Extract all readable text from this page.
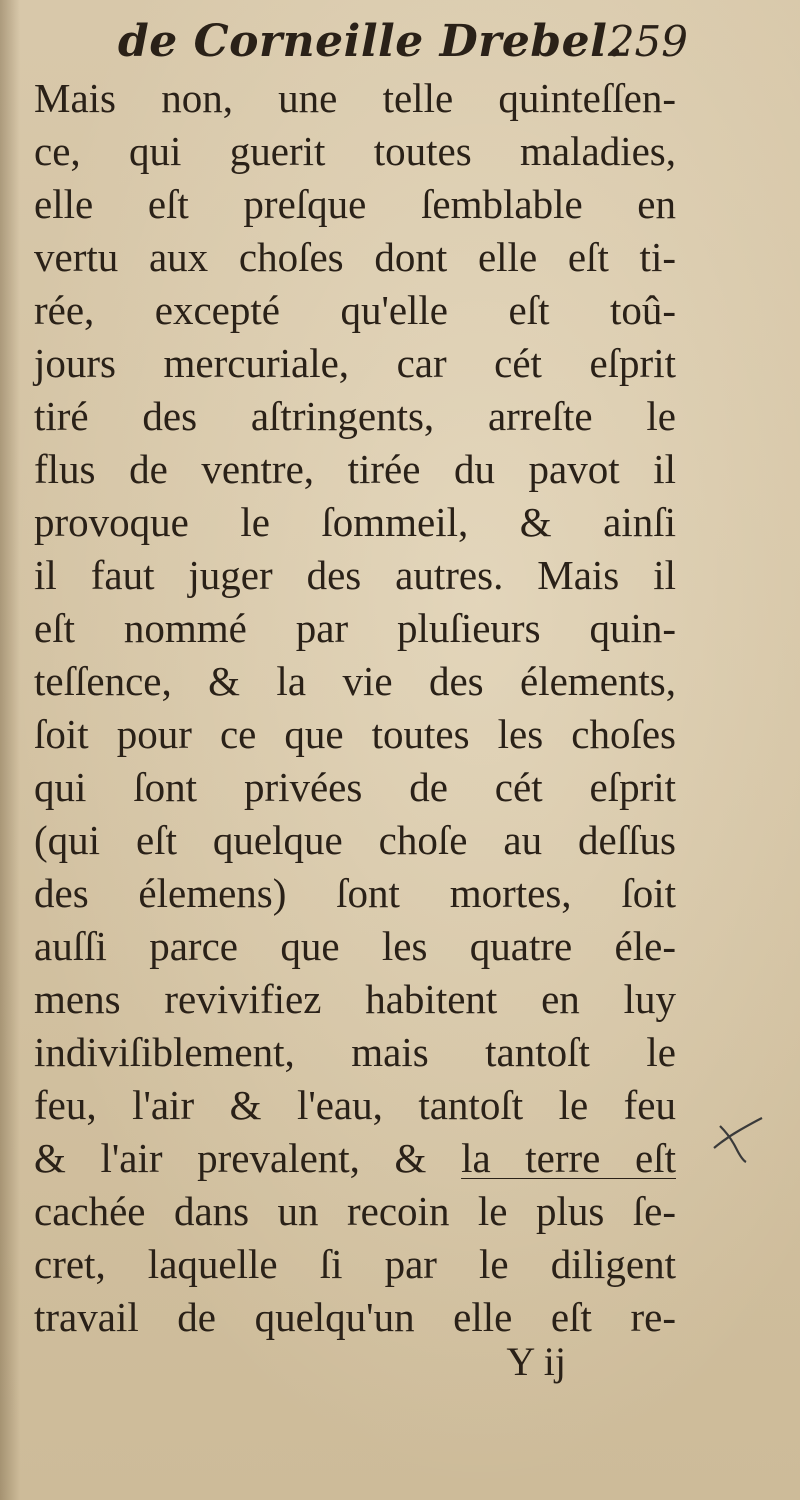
de Corneille Drebel.
259
Mais non, une telle quinteſſen-
ce, qui guerit toutes maladies,
elle eſt preſque ſemblable en
vertu aux choſes dont elle eſt ti-
rée, excepté qu'elle eſt toû-
jours mercuriale, car cét eſprit
tiré des aſtringents, arreſte le
flus de ventre, tirée du pavot il
provoque le ſommeil, & ainſi
il faut juger des autres. Mais il
eſt nommé par pluſieurs quin-
teſſence, & la vie des élements,
ſoit pour ce que toutes les choſes
qui ſont privées de cét eſprit
(qui eſt quelque choſe au deſſus
des élemens) ſont mortes, ſoit
auſſi parce que les quatre éle-
mens revivifiez habitent en luy
indiviſiblement, mais tantoſt le
feu, l'air & l'eau, tantoſt le feu
& l'air prevalent, & la terre eſt
cachée dans un recoin le plus ſe-
cret, laquelle ſi par le diligent
travail de quelqu'un elle eſt re-
Y ij
